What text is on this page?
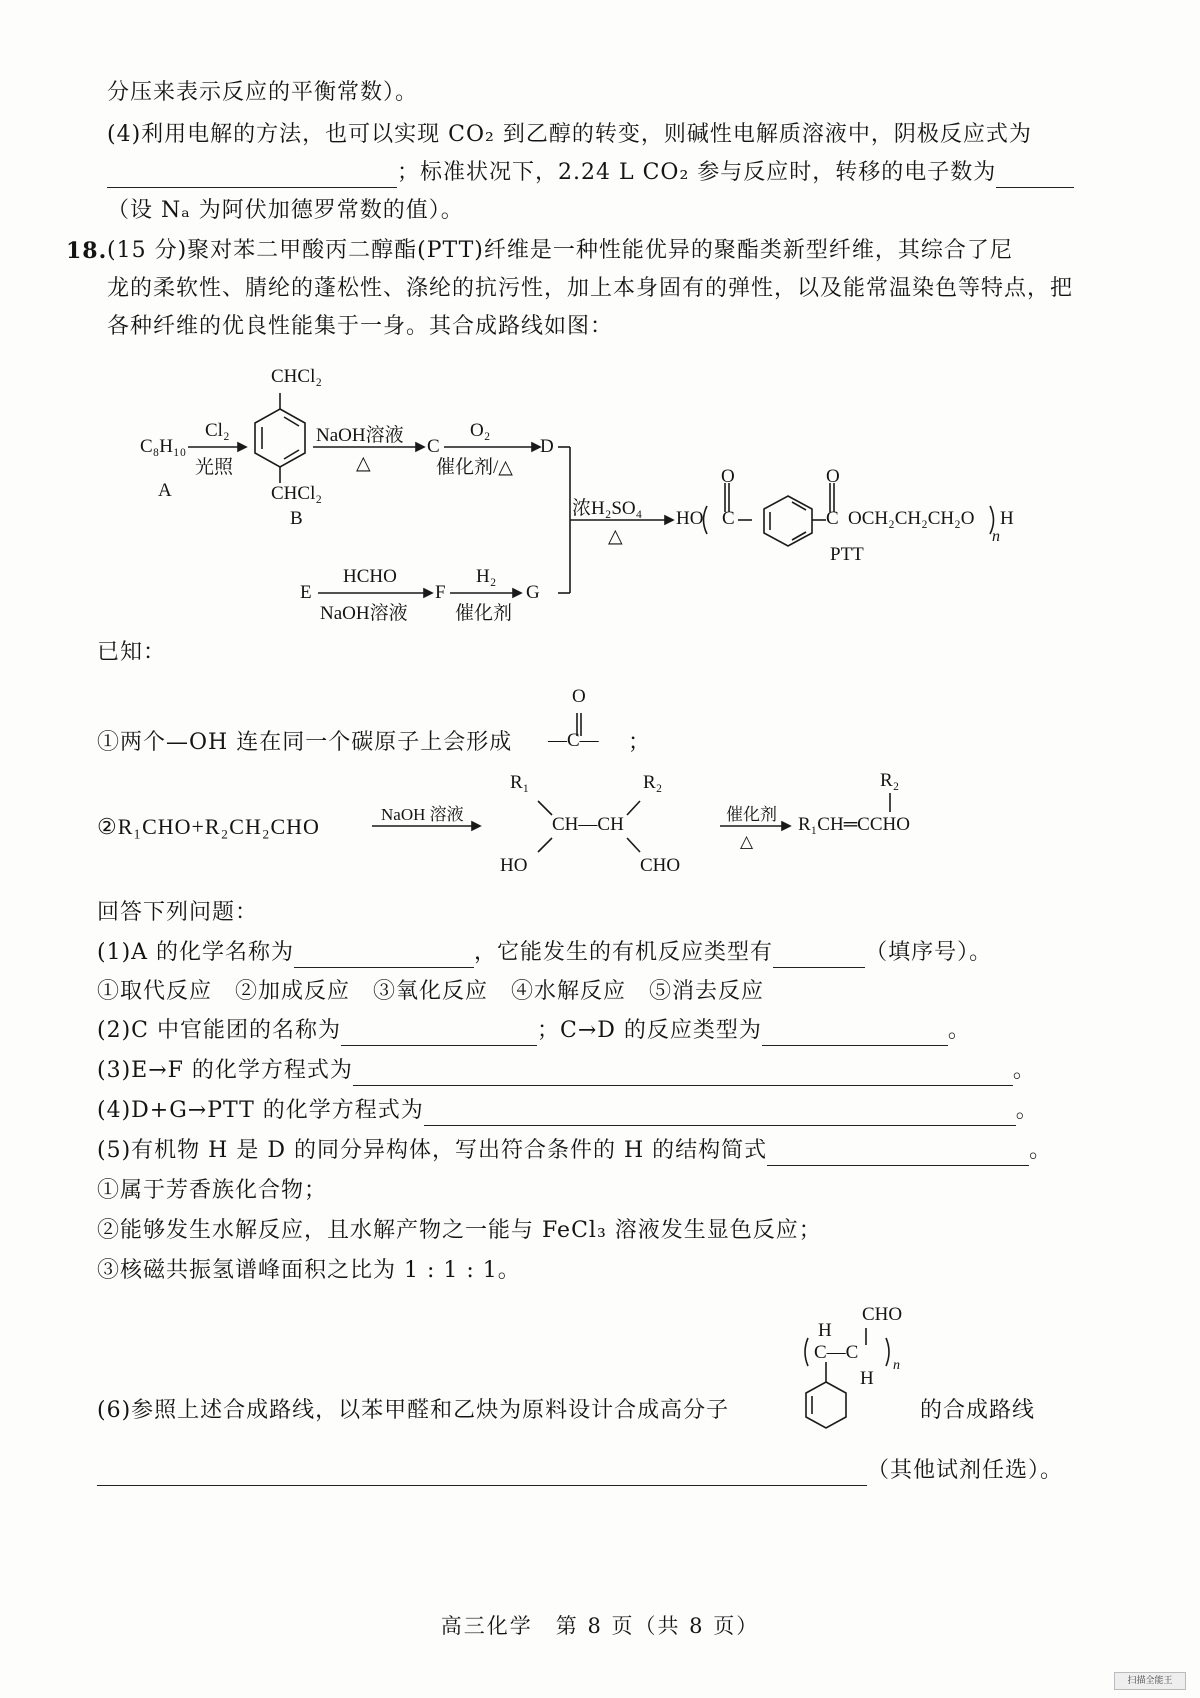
分压来表示反应的平衡常数）。
(4)利用电解的方法，也可以实现 CO₂ 到乙醇的转变，则碱性电解质溶液中，阴极反应式为
；标准状况下，2.24 L CO₂ 参与反应时，转移的电子数为
（设 Nₐ 为阿伏加德罗常数的值）。
18. (15 分)聚对苯二甲酸丙二醇酯(PTT)纤维是一种性能优异的聚酯类新型纤维，其综合了尼
龙的柔软性、腈纶的蓬松性、涤纶的抗污性，加上本身固有的弹性，以及能常温染色等特点，把
各种纤维的优良性能集于一身。其合成路线如图：
C₈H₁₀
A
Cl₂
光照
CHCl₂
CHCl₂
B
NaOH溶液
△
C
O₂
催化剂/△
D
浓H₂SO₄
△
HO
O
C
O
C OCH₂CH₂CH₂O H
n
PTT
E
HCHO
NaOH溶液
F
H₂
催化剂
G
已知：
O
①两个—OH 连在同一个碳原子上会形成 —C— ；
②R₁CHO+R₂CH₂CHO	NaOH 溶液
R₁	R₂
CH—CH
HO	CHO
催化剂
△
R₂
R₁CH═CCHO
回答下列问题：
(1)A 的化学名称为	，它能发生的有机反应类型有	（填序号）。
①取代反应　②加成反应　③氧化反应　④水解反应　⑤消去反应
(2)C 中官能团的名称为	；C→D 的反应类型为	。
(3)E→F 的化学方程式为	。
(4)D+G→PTT 的化学方程式为	。
(5)有机物 H 是 D 的同分异构体，写出符合条件的 H 的结构简式	。
①属于芳香族化合物；
②能够发生水解反应，且水解产物之一能与 FeCl₃ 溶液发生显色反应；
③核磁共振氢谱峰面积之比为 1 : 1 : 1。
CHO
H
C—C
H
n
(6)参照上述合成路线，以苯甲醛和乙炔为原料设计合成高分子	的合成路线
（其他试剂任选）。
高三化学　第 8 页（共 8 页）
扫描全能王
